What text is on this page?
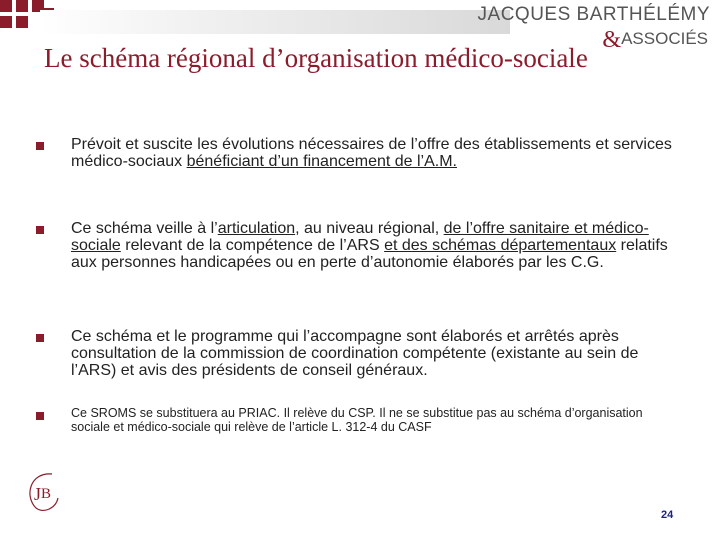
JACQUES BARTHÉLÉMY
&ASSOCIÉS
Le schéma régional d’organisation médico-sociale
Prévoit et suscite les évolutions nécessaires de l’offre des établissements et services médico-sociaux bénéficiant d’un financement de l’A.M.
Ce schéma veille à l’articulation, au niveau régional, de l’offre sanitaire et médico-sociale relevant de la compétence de l’ARS et des schémas départementaux relatifs aux personnes handicapées ou en perte d’autonomie élaborés par les C.G.
Ce schéma et le programme qui l’accompagne sont élaborés et arrêtés après consultation de la commission de coordination compétente (existante au sein de l’ARS) et avis des présidents de conseil généraux.
Ce SROMS se substituera au PRIAC. Il relève du CSP. Il ne se substitue pas au schéma d’organisation sociale et médico-sociale qui relève de l’article L. 312-4 du CASF
J B
24
